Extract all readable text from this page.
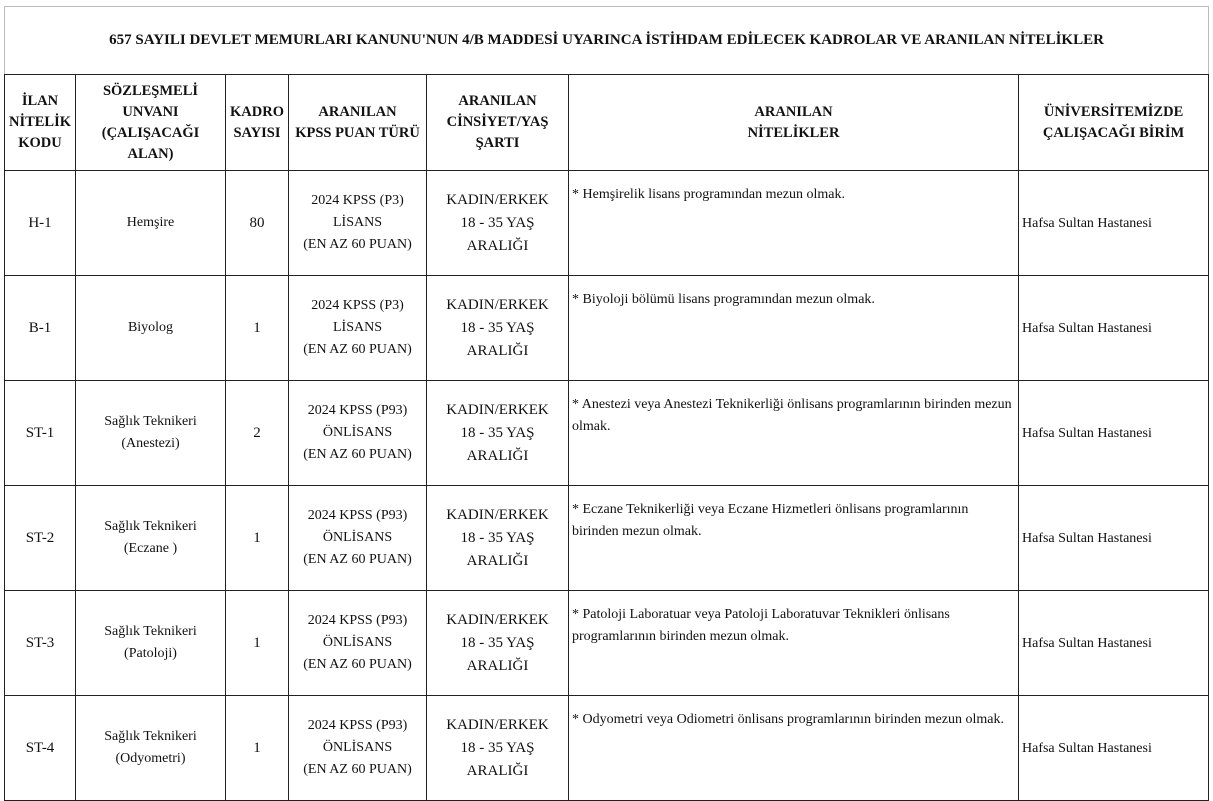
657 SAYILI DEVLET MEMURLARI KANUNU'NUN 4/B MADDESİ UYARINCA İSTİHDAM EDİLECEK KADROLAR VE ARANILAN NİTELİKLER						
İLAN
NİTELİK
KODU	SÖZLEŞMELİ
UNVANI
(ÇALIŞACAĞI
ALAN)	KADRO
SAYISI	ARANILAN
KPSS PUAN TÜRÜ	ARANILAN
CİNSİYET/YAŞ
ŞARTI	ARANILAN
NİTELİKLER	ÜNİVERSİTEMİZDE
ÇALIŞACAĞI BİRİM
H-1	Hemşire	80	2024 KPSS (P3)
LİSANS
(EN AZ 60 PUAN)	KADIN/ERKEK
18 - 35 YAŞ ARALIĞI	* Hemşirelik lisans programından mezun olmak.	Hafsa Sultan Hastanesi
B-1	Biyolog	1	2024 KPSS (P3)
LİSANS
(EN AZ 60 PUAN)	KADIN/ERKEK
18 - 35 YAŞ ARALIĞI	* Biyoloji bölümü lisans programından mezun olmak.	Hafsa Sultan Hastanesi
ST-1	Sağlık Teknikeri
(Anestezi)	2	2024 KPSS (P93)
ÖNLİSANS
(EN AZ 60 PUAN)	KADIN/ERKEK
18 - 35 YAŞ ARALIĞI	* Anestezi veya Anestezi Teknikerliği önlisans programlarının birinden mezun olmak.	Hafsa Sultan Hastanesi
ST-2	Sağlık Teknikeri
(Eczane )	1	2024 KPSS (P93)
ÖNLİSANS
(EN AZ 60 PUAN)	KADIN/ERKEK
18 - 35 YAŞ ARALIĞI	* Eczane Teknikerliği veya Eczane Hizmetleri önlisans programlarının birinden mezun olmak.	Hafsa Sultan Hastanesi
ST-3	Sağlık Teknikeri
(Patoloji)	1	2024 KPSS (P93)
ÖNLİSANS
(EN AZ 60 PUAN)	KADIN/ERKEK
18 - 35 YAŞ ARALIĞI	* Patoloji Laboratuar veya Patoloji Laboratuvar Teknikleri önlisans
programlarının birinden mezun olmak.	Hafsa Sultan Hastanesi
ST-4	Sağlık Teknikeri
(Odyometri)	1	2024 KPSS (P93)
ÖNLİSANS
(EN AZ 60 PUAN)	KADIN/ERKEK
18 - 35 YAŞ ARALIĞI	* Odyometri veya Odiometri önlisans programlarının birinden mezun olmak.	Hafsa Sultan Hastanesi
